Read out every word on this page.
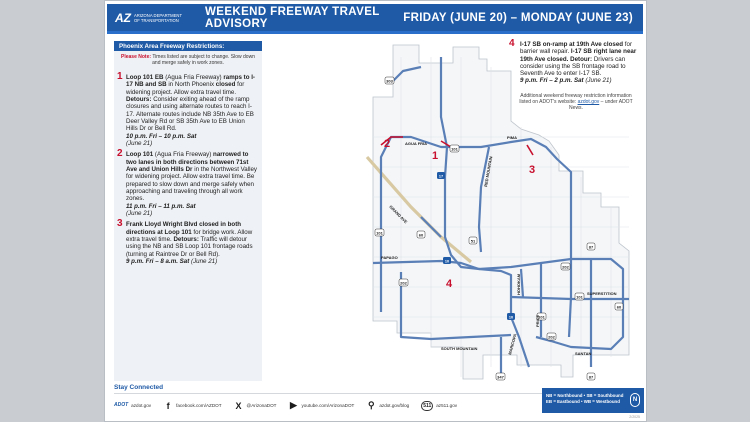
AZ ARIZONA DEPARTMENT OF TRANSPORTATION
WEEKEND FREEWAY TRAVEL ADVISORY	FRIDAY (JUNE 20) – MONDAY (JUNE 23)
Phoenix Area Freeway Restrictions:
Please Note: Times listed are subject to change. Slow down and merge safely in work zones.
1 Loop 101 EB (Agua Fria Freeway) ramps to I-17 NB and SB in North Phoenix closed for widening project. Allow extra travel time. Detours: Consider exiting ahead of the ramp closures and using alternate routes to reach I-17. Alternate routes include NB 35th Ave to EB Deer Valley Rd or SB 35th Ave to EB Union Hills Dr or Bell Rd.
10 p.m. Fri – 10 p.m. Sat
(June 21)
2 Loop 101 (Agua Fria Freeway) narrowed to two lanes in both directions between 71st Ave and Union Hills Dr in the Northwest Valley for widening project. Allow extra travel time. Be prepared to slow down and merge safely when approaching and traveling through all work zones.
11 p.m. Fri – 11 p.m. Sat
(June 21)
3 Frank Lloyd Wright Blvd closed in both directions at Loop 101 for bridge work. Allow extra travel time. Detours: Traffic will detour using the NB and SB Loop 101 frontage roads (turning at Raintree Dr or Bell Rd).
9 p.m. Fri – 8 a.m. Sat (June 21)
303
101
17
51
101	60
10
202
101
202
10
60
87
101
202
347	87
AGUA FRIA
PIMA
GRAND AVE
PAPAGO
SUPERSTITION
SOUTH MOUNTAIN
SANTAN
PRICE
MARICOPA
HOHOKAM
RED MOUNTAIN
2
1
3
4
4 I-17 SB on-ramp at 19th Ave closed for barrier wall repair. I-17 SB right lane near 19th Ave closed. Detour: Drivers can consider using the SB frontage road to Seventh Ave to enter I-17 SB.
9 p.m. Fri – 2 p.m. Sat (June 21)
Additional weekend freeway restriction information listed on ADOT's website: azdot.gov – under ADOT News.
Stay Connected
ADOT azdot.gov	f	facebook.com/AZDOT X	@ArizonaDOT ▶ youtube.com/ArizonaDOT ⚲	azdot.gov/blog	511	az511.gov
NB = Northbound • SB = Southbound
EB = Eastbound • WB = Westbound	N
2/2025
